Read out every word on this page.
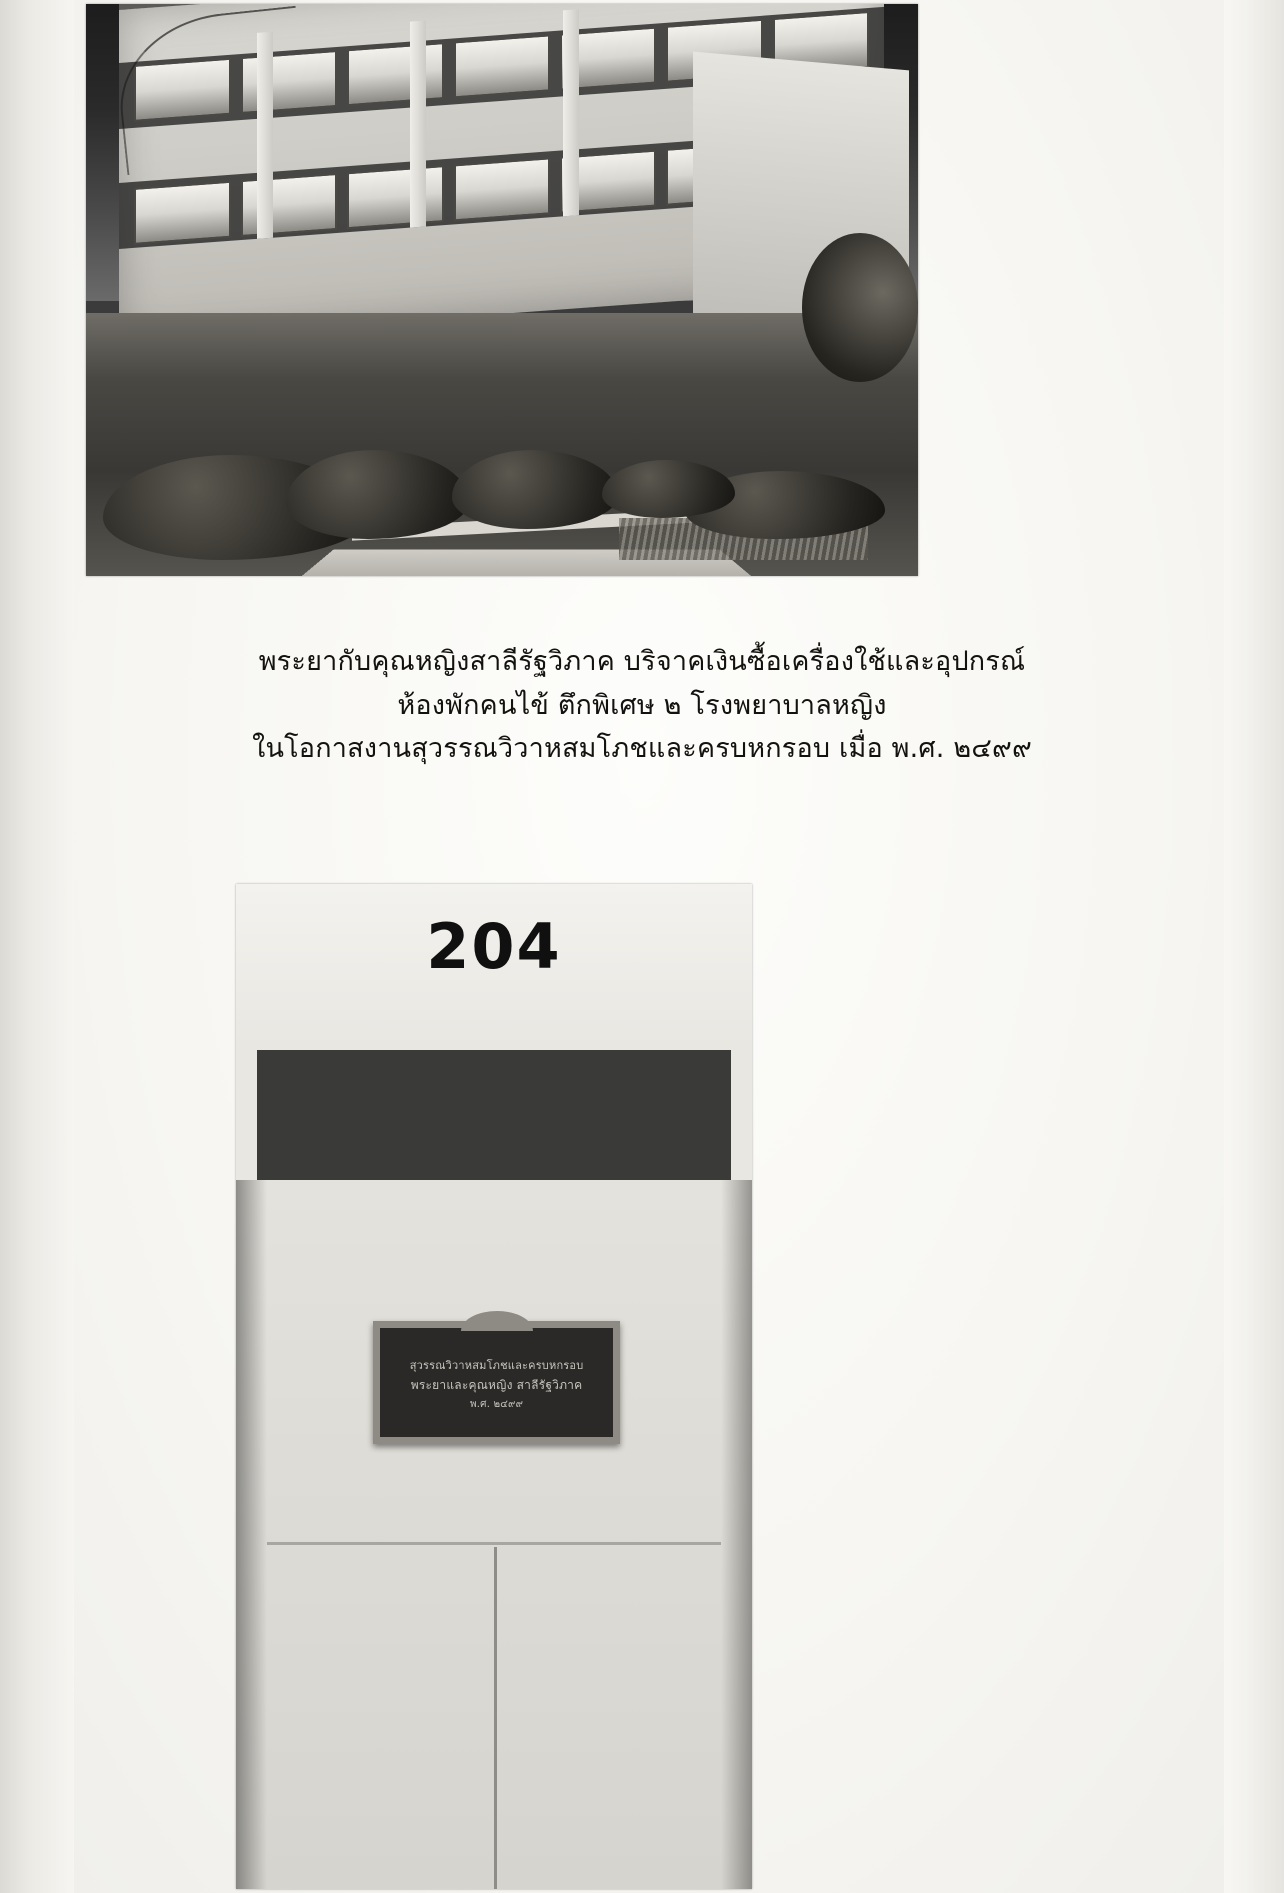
พระยากับคุณหญิงสาลีรัฐวิภาค บริจาคเงินซื้อเครื่องใช้และอุปกรณ์
ห้องพักคนไข้ ตึกพิเศษ ๒ โรงพยาบาลหญิง
ในโอกาสงานสุวรรณวิวาหสมโภชและครบหกรอบ เมื่อ พ.ศ. ๒๔๙๙
204
สุวรรณวิวาหสมโภชและครบหกรอบ
พระยาและคุณหญิง สาลีรัฐวิภาค
พ.ศ. ๒๔๙๙
